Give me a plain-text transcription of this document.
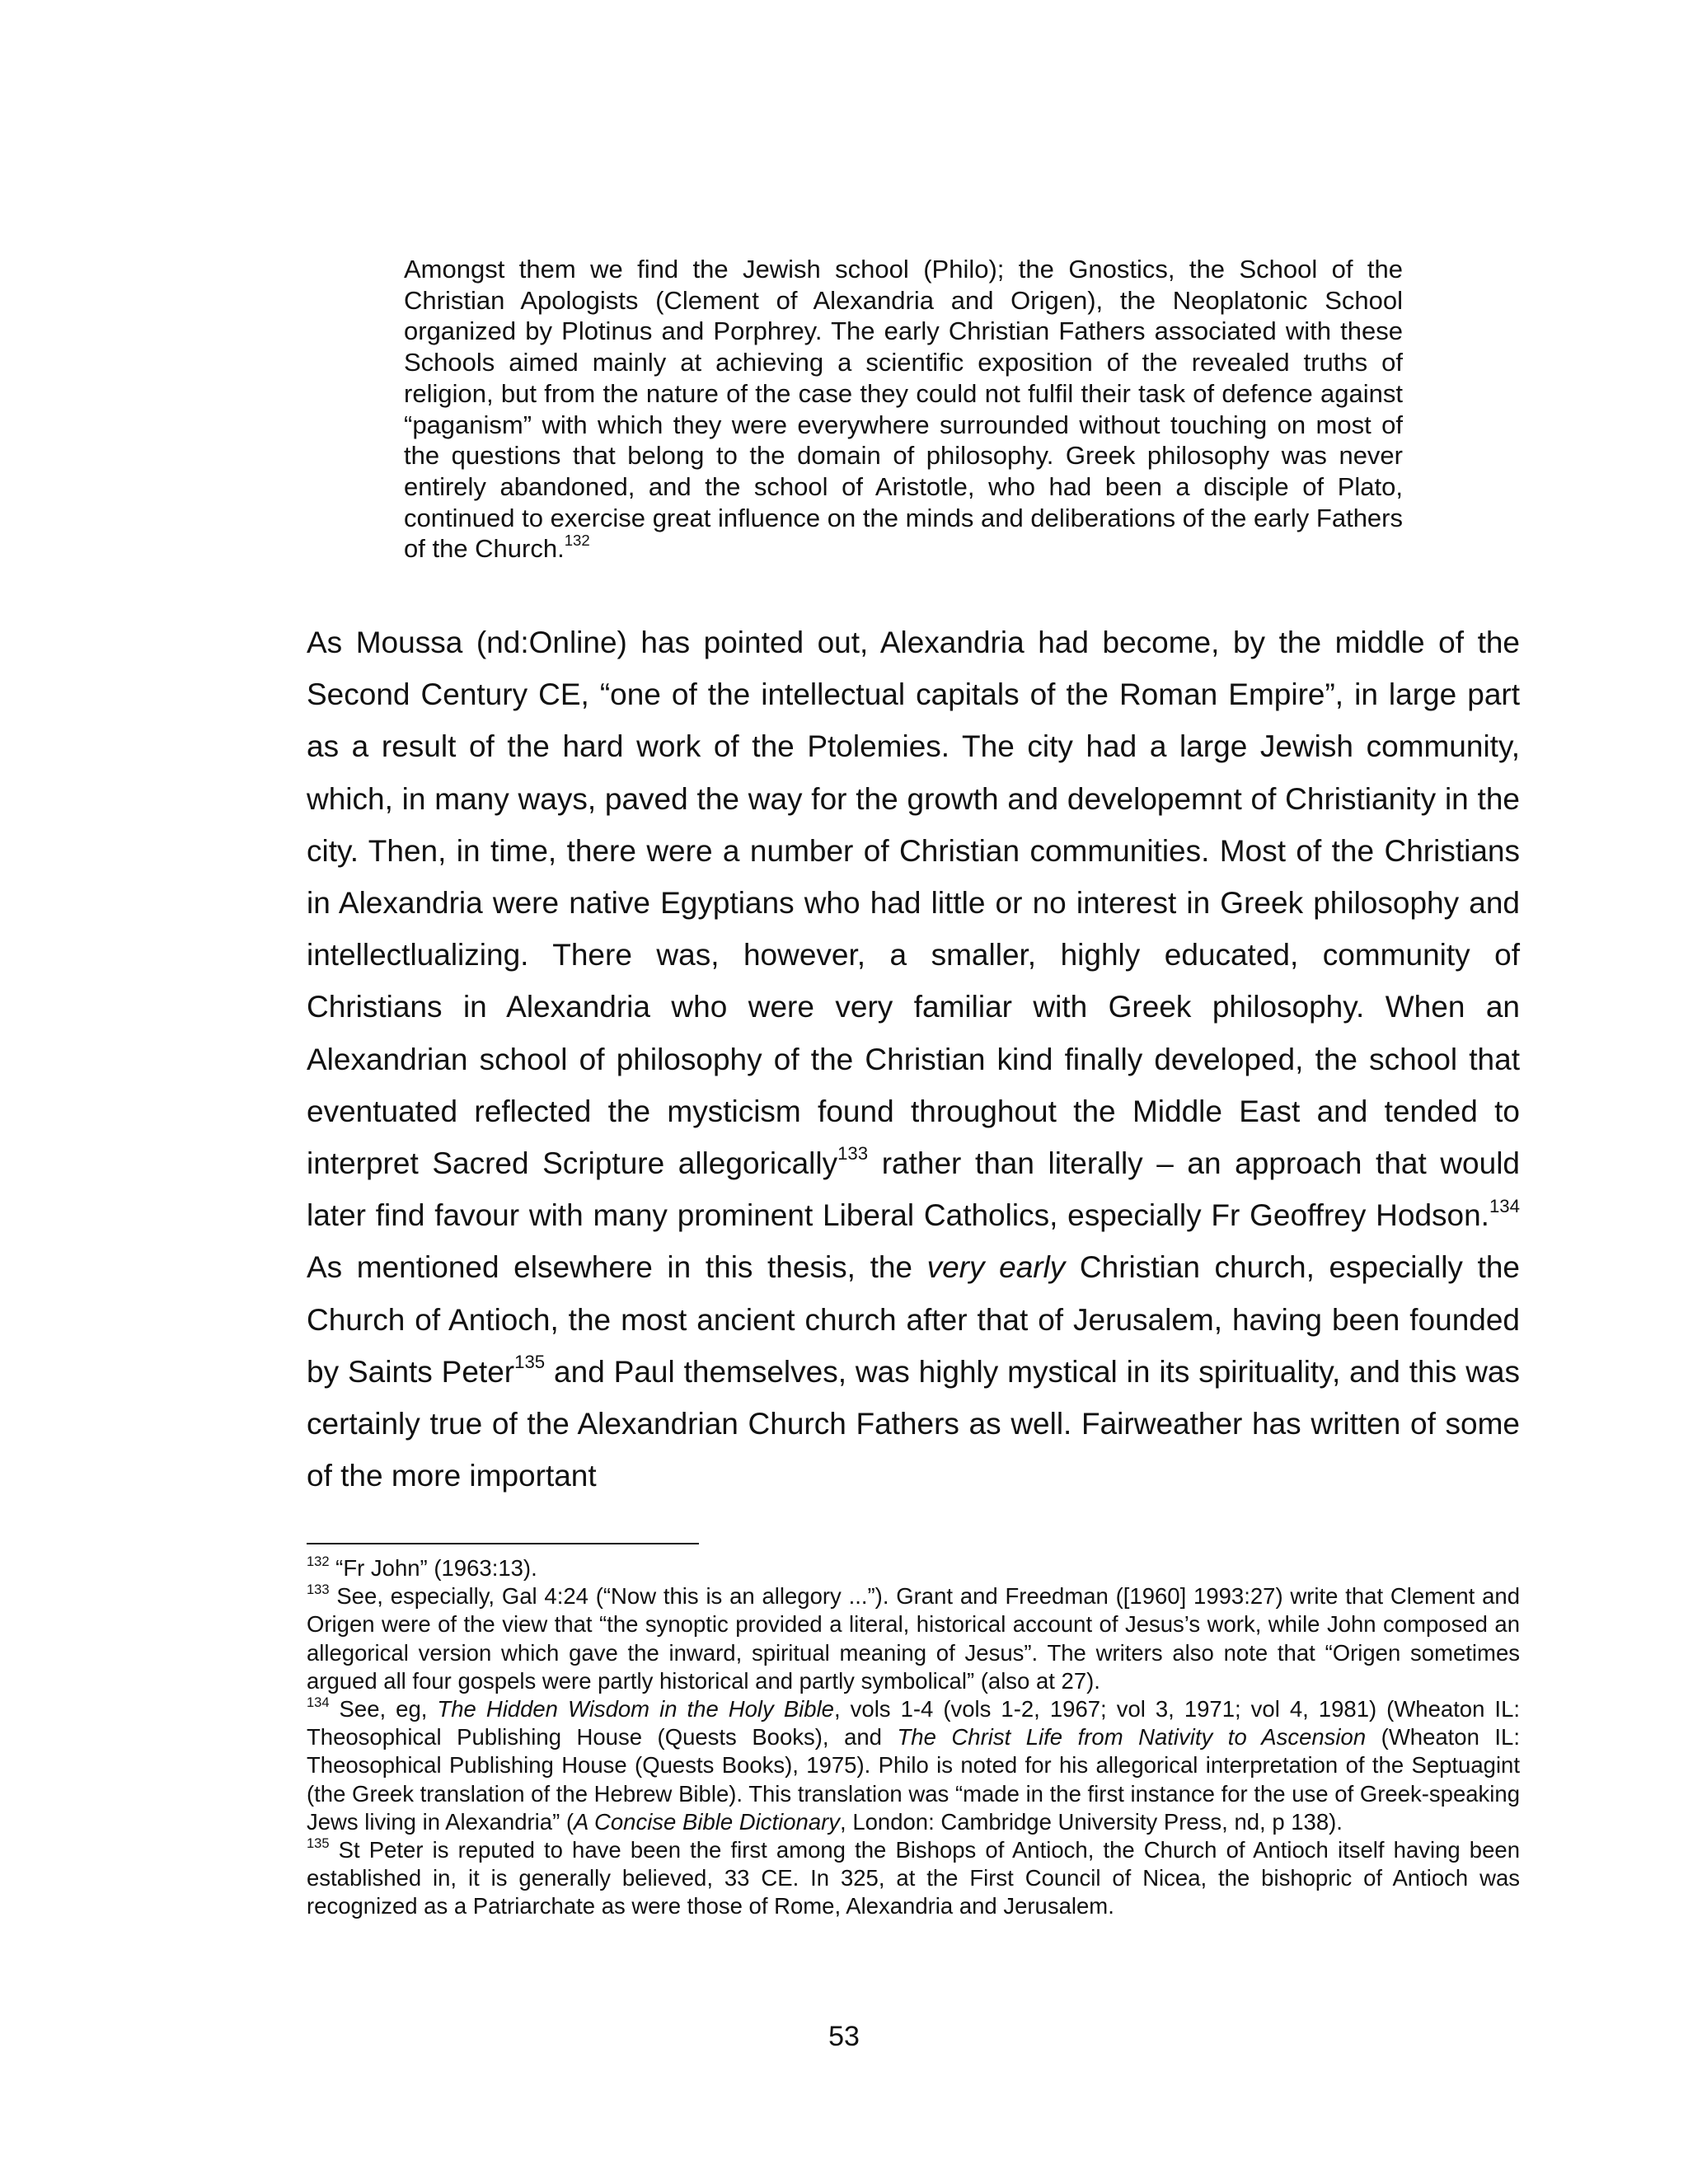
Amongst them we find the Jewish school (Philo); the Gnostics, the School of the Christian Apologists (Clement of Alexandria and Origen), the Neoplatonic School organized by Plotinus and Porphrey. The early Christian Fathers associated with these Schools aimed mainly at achieving a scientific exposition of the revealed truths of religion, but from the nature of the case they could not fulfil their task of defence against “paganism” with which they were everywhere surrounded without touching on most of the questions that belong to the domain of philosophy. Greek philosophy was never entirely abandoned, and the school of Aristotle, who had been a disciple of Plato, continued to exercise great influence on the minds and deliberations of the early Fathers of the Church.$^{132}$
As Moussa (nd:Online) has pointed out, Alexandria had become, by the middle of the Second Century CE, “one of the intellectual capitals of the Roman Empire”, in large part as a result of the hard work of the Ptolemies. The city had a large Jewish community, which, in many ways, paved the way for the growth and developemnt of Christianity in the city. Then, in time, there were a number of Christian communities. Most of the Christians in Alexandria were native Egyptians who had little or no interest in Greek philosophy and intellectlualizing. There was, however, a smaller, highly educated, community of Christians in Alexandria who were very familiar with Greek philosophy. When an Alexandrian school of philosophy of the Christian kind finally developed, the school that eventuated reflected the mysticism found throughout the Middle East and tended to interpret Sacred Scripture allegorically$^{133}$ rather than literally – an approach that would later find favour with many prominent Liberal Catholics, especially Fr Geoffrey Hodson.$^{134}$ As mentioned elsewhere in this thesis, the very early Christian church, especially the Church of Antioch, the most ancient church after that of Jerusalem, having been founded by Saints Peter$^{135}$ and Paul themselves, was highly mystical in its spirituality, and this was certainly true of the Alexandrian Church Fathers as well. Fairweather has written of some of the more important

$^{132}$ “Fr John” (1963:13).

$^{133}$ See, especially, Gal 4:24 (“Now this is an allegory ...”). Grant and Freedman ([1960] 1993:27) write that Clement and Origen were of the view that “the synoptic provided a literal, historical account of Jesus’s work, while John composed an allegorical version which gave the inward, spiritual meaning of Jesus”. The writers also note that “Origen sometimes argued all four gospels were partly historical and partly symbolical” (also at 27).

$^{134}$ See, eg, The Hidden Wisdom in the Holy Bible, vols 1-4 (vols 1-2, 1967; vol 3, 1971; vol 4, 1981) (Wheaton IL: Theosophical Publishing House (Quests Books), and The Christ Life from Nativity to Ascension (Wheaton IL: Theosophical Publishing House (Quests Books), 1975). Philo is noted for his allegorical interpretation of the Septuagint (the Greek translation of the Hebrew Bible). This translation was “made in the first instance for the use of Greek-speaking Jews living in Alexandria” (A Concise Bible Dictionary, London: Cambridge University Press, nd, p 138).

$^{135}$ St Peter is reputed to have been the first among the Bishops of Antioch, the Church of Antioch itself having been established in, it is generally believed, 33 CE. In 325, at the First Council of Nicea, the bishopric of Antioch was recognized as a Patriarchate as were those of Rome, Alexandria and Jerusalem.

53
